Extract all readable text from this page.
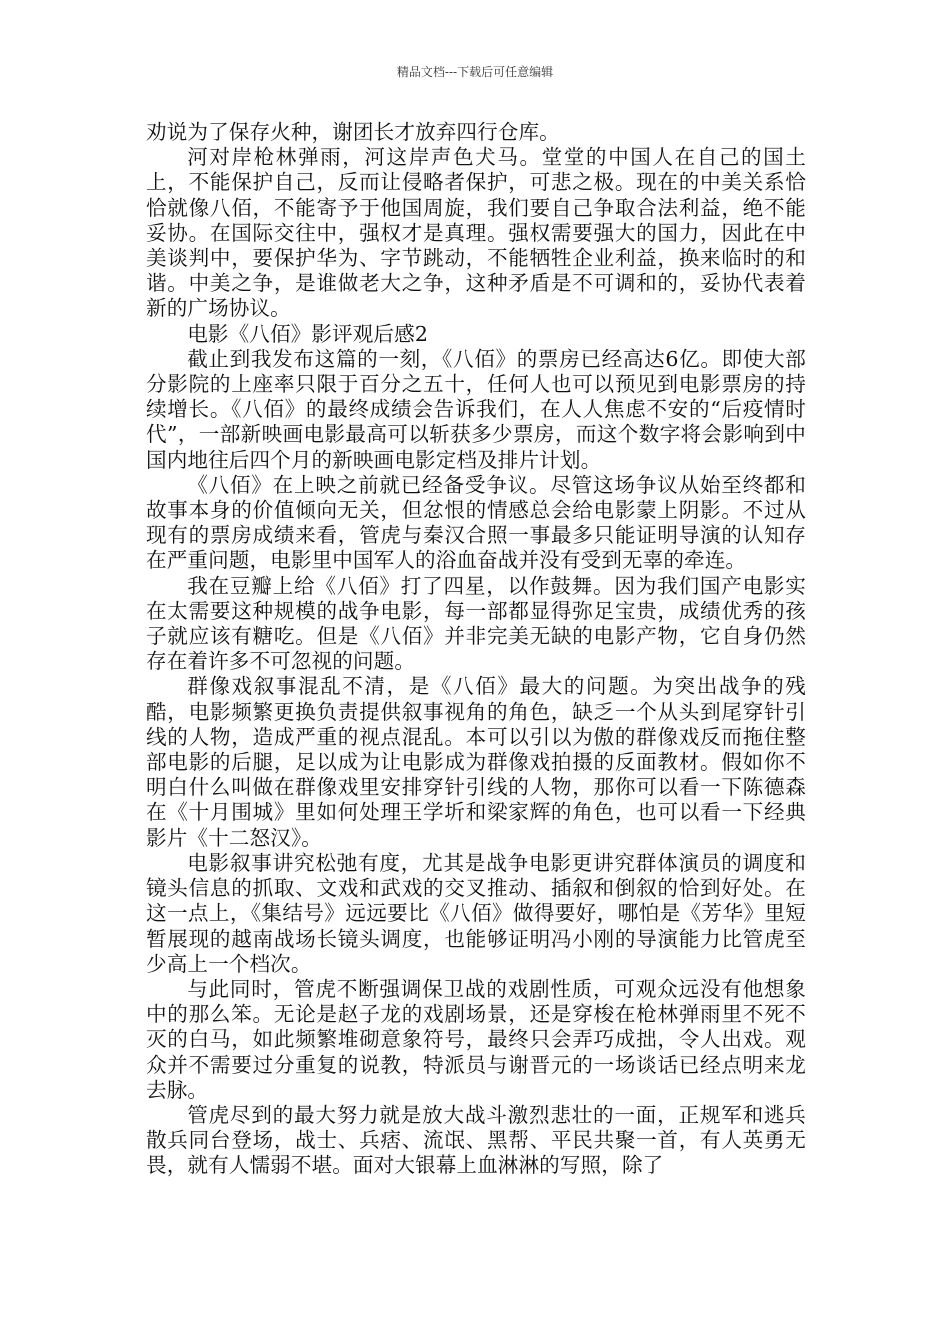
精品文档---下载后可任意编辑

劝说为了保存火种，谢团长才放弃四行仓库。

河对岸枪林弹雨，河这岸声色犬马。堂堂的中国人在自己的国土上，不能保护自己，反而让侵略者保护，可悲之极。现在的中美关系恰恰就像八佰，不能寄予于他国周旋，我们要自己争取合法利益，绝不能妥协。在国际交往中，强权才是真理。强权需要强大的国力，因此在中美谈判中，要保护华为、字节跳动，不能牺牲企业利益，换来临时的和谐。中美之争，是谁做老大之争，这种矛盾是不可调和的，妥协代表着新的广场协议。

电影《八佰》影评观后感2

截止到我发布这篇的一刻，《八佰》的票房已经高达6亿。即使大部分影院的上座率只限于百分之五十，任何人也可以预见到电影票房的持续增长。《八佰》的最终成绩会告诉我们，在人人焦虑不安的“后疫情时代”，一部新映画电影最高可以斩获多少票房，而这个数字将会影响到中国内地往后四个月的新映画电影定档及排片计划。

《八佰》在上映之前就已经备受争议。尽管这场争议从始至终都和故事本身的价值倾向无关，但忿恨的情感总会给电影蒙上阴影。不过从现有的票房成绩来看，管虎与秦汉合照一事最多只能证明导演的认知存在严重问题，电影里中国军人的浴血奋战并没有受到无辜的牵连。

我在豆瓣上给《八佰》打了四星，以作鼓舞。因为我们国产电影实在太需要这种规模的战争电影，每一部都显得弥足宝贵，成绩优秀的孩子就应该有糖吃。但是《八佰》并非完美无缺的电影产物，它自身仍然存在着许多不可忽视的问题。

群像戏叙事混乱不清，是《八佰》最大的问题。为突出战争的残酷，电影频繁更换负责提供叙事视角的角色，缺乏一个从头到尾穿针引线的人物，造成严重的视点混乱。本可以引以为傲的群像戏反而拖住整部电影的后腿，足以成为让电影成为群像戏拍摄的反面教材。假如你不明白什么叫做在群像戏里安排穿针引线的人物，那你可以看一下陈德森在《十月围城》里如何处理王学圻和梁家辉的角色，也可以看一下经典影片《十二怒汉》。

电影叙事讲究松弛有度，尤其是战争电影更讲究群体演员的调度和镜头信息的抓取、文戏和武戏的交叉推动、插叙和倒叙的恰到好处。在这一点上，《集结号》远远要比《八佰》做得要好，哪怕是《芳华》里短暂展现的越南战场长镜头调度，也能够证明冯小刚的导演能力比管虎至少高上一个档次。

与此同时，管虎不断强调保卫战的戏剧性质，可观众远没有他想象中的那么笨。无论是赵子龙的戏剧场景，还是穿梭在枪林弹雨里不死不灭的白马，如此频繁堆砌意象符号，最终只会弄巧成拙，令人出戏。观众并不需要过分重复的说教，特派员与谢晋元的一场谈话已经点明来龙去脉。

管虎尽到的最大努力就是放大战斗激烈悲壮的一面，正规军和逃兵散兵同台登场，战士、兵痞、流氓、黑帮、平民共聚一首，有人英勇无畏，就有人懦弱不堪。面对大银幕上血淋淋的写照，除了
